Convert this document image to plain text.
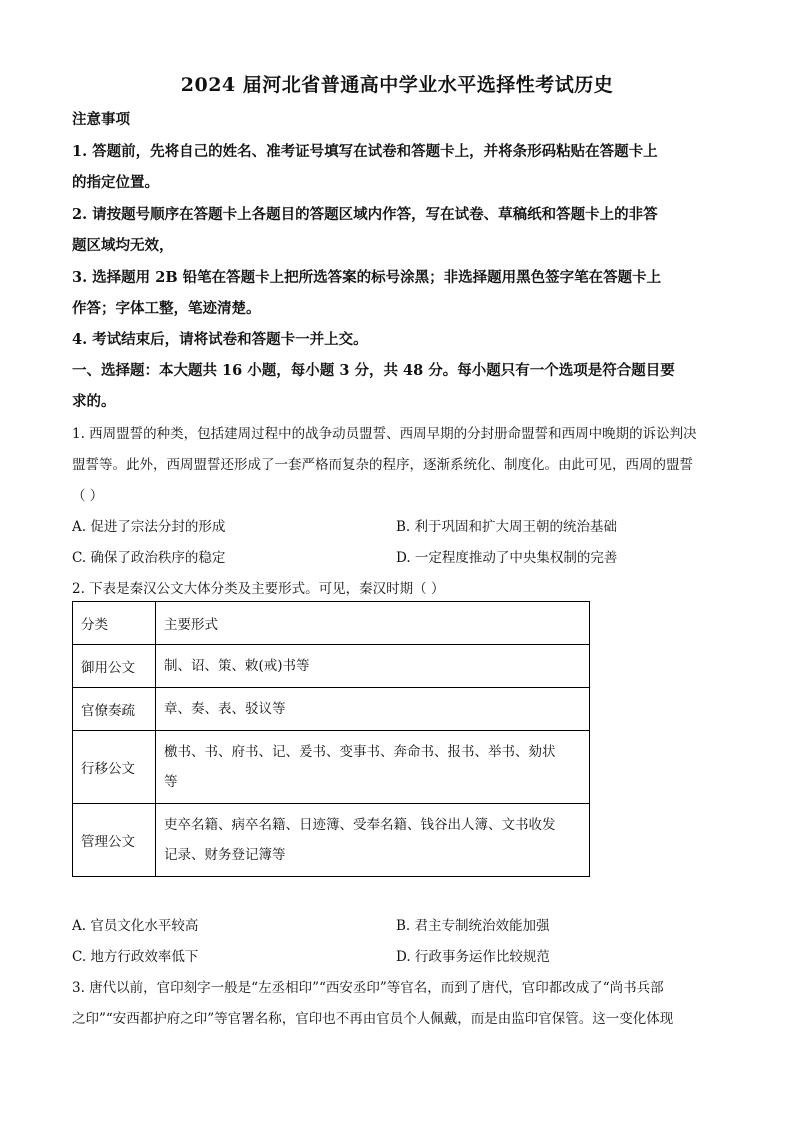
2024 届河北省普通高中学业水平选择性考试历史
注意事项
1. 答题前，先将自己的姓名、准考证号填写在试卷和答题卡上，并将条形码粘贴在答题卡上
的指定位置。
2. 请按题号顺序在答题卡上各题目的答题区域内作答，写在试卷、草稿纸和答题卡上的非答
题区域均无效，
3. 选择题用 2B 铅笔在答题卡上把所选答案的标号涂黑；非选择题用黑色签字笔在答题卡上
作答；字体工整，笔迹清楚。
4. 考试结束后，请将试卷和答题卡一并上交。
一、选择题：本大题共 16 小题，每小题 3 分，共 48 分。每小题只有一个选项是符合题目要
求的。
1. 西周盟誓的种类，包括建周过程中的战争动员盟誓、西周早期的分封册命盟誓和西周中晚期的诉讼判决
盟誓等。此外，西周盟誓还形成了一套严格而复杂的程序，逐渐系统化、制度化。由此可见，西周的盟誓
（ ）
A. 促进了宗法分封的形成	B. 利于巩固和扩大周王朝的统治基础
C. 确保了政治秩序的稳定	D. 一定程度推动了中央集权制的完善
2. 下表是秦汉公文大体分类及主要形式。可见，秦汉时期（ ）
分类	主要形式
御用公文	制、诏、策、敕(戒)书等

官僚奏疏	章、奏、表、驳议等

行移公文	檄书、书、府书、记、爰书、变事书、奔命书、报书、举书、劾状
等

管理公文	吏卒名籍、病卒名籍、日迹簿、受奉名籍、钱谷出人簿、文书收发
记录、财务登记簿等
A. 官员文化水平较高	B. 君主专制统治效能加强
C. 地方行政效率低下	D. 行政事务运作比较规范
3. 唐代以前，官印刻字一般是“左丞相印”“西安丞印”等官名，而到了唐代，官印都改成了“尚书兵部
之印”“安西都护府之印”等官署名称，官印也不再由官员个人佩戴，而是由监印官保管。这一变化体现
